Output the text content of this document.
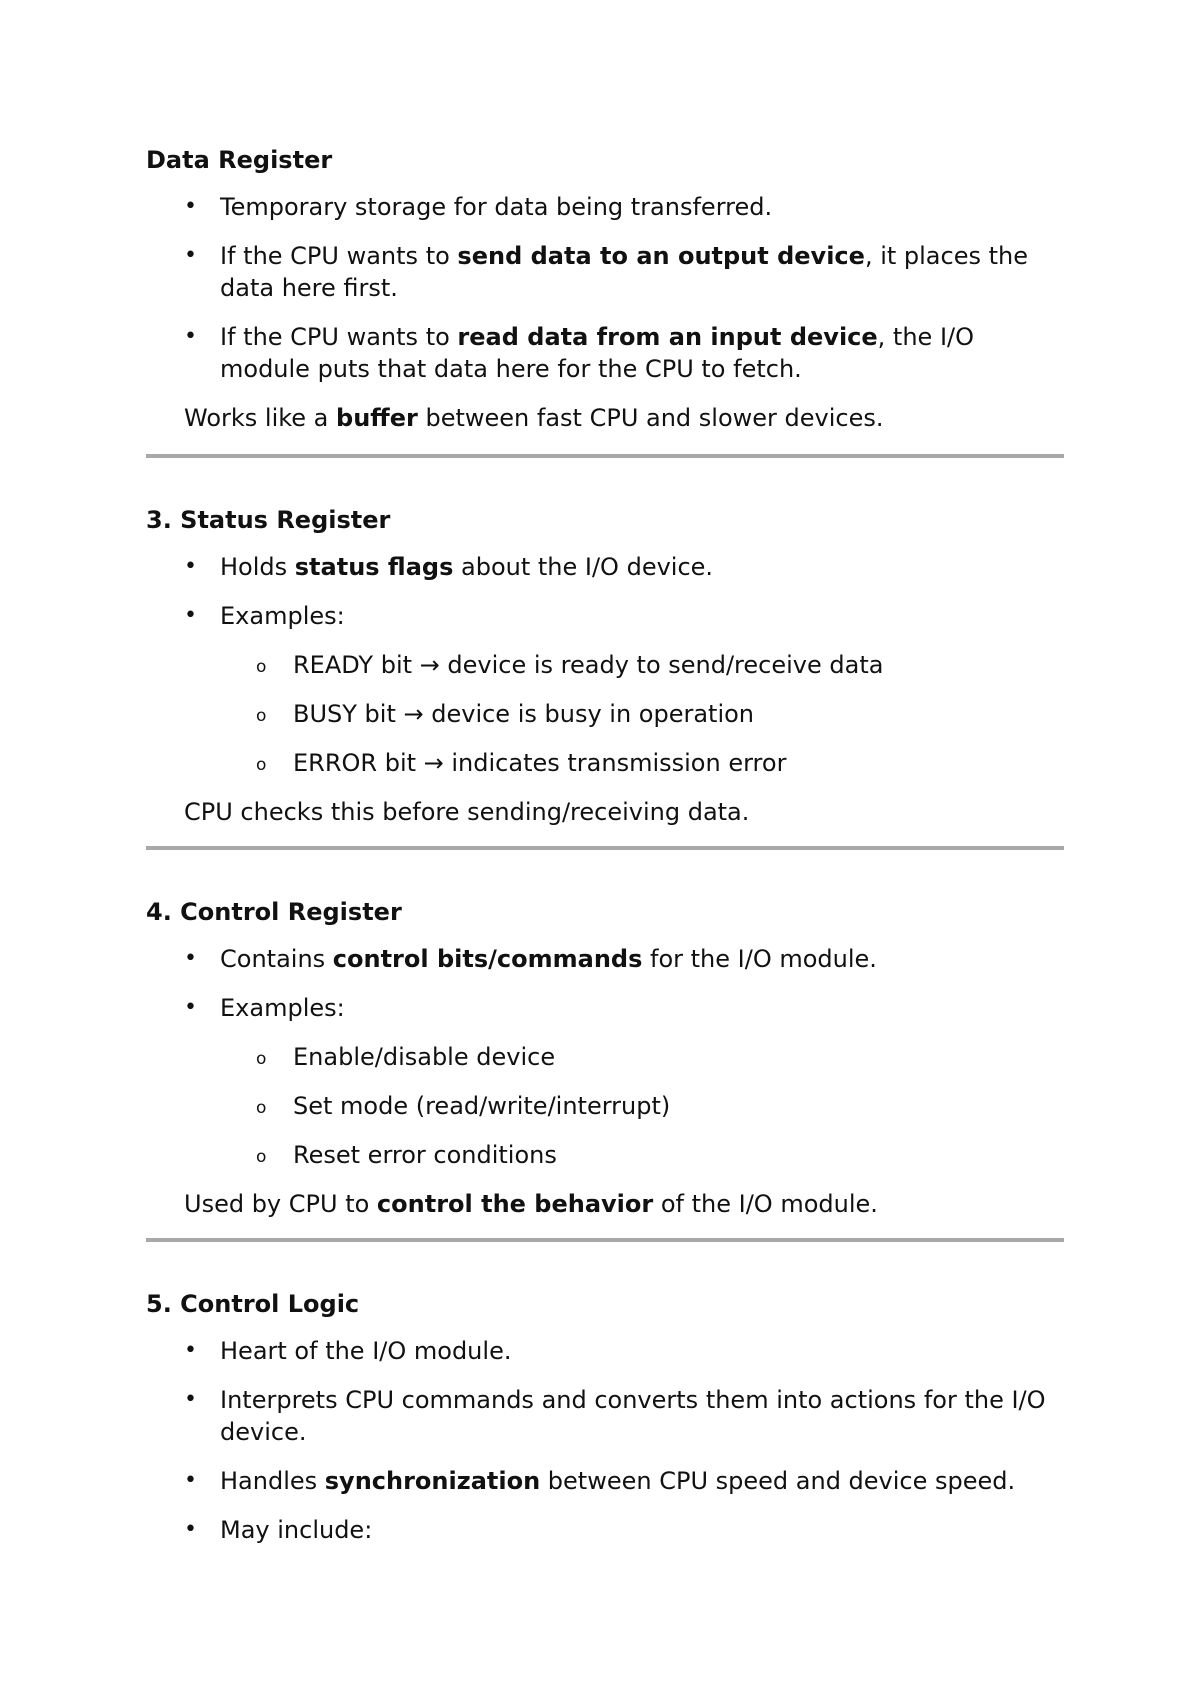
Data Register
• Temporary storage for data being transferred.
• If the CPU wants to send data to an output device, it places the data here first.
• If the CPU wants to read data from an input device, the I/O module puts that data here for the CPU to fetch.
Works like a buffer between fast CPU and slower devices.
3. Status Register
• Holds status flags about the I/O device.
• Examples:
o READY bit → device is ready to send/receive data
o BUSY bit → device is busy in operation
o ERROR bit → indicates transmission error
CPU checks this before sending/receiving data.
4. Control Register
• Contains control bits/commands for the I/O module.
• Examples:
o Enable/disable device
o Set mode (read/write/interrupt)
o Reset error conditions
Used by CPU to control the behavior of the I/O module.
5. Control Logic
• Heart of the I/O module.
• Interprets CPU commands and converts them into actions for the I/O device.
• Handles synchronization between CPU speed and device speed.
• May include:
